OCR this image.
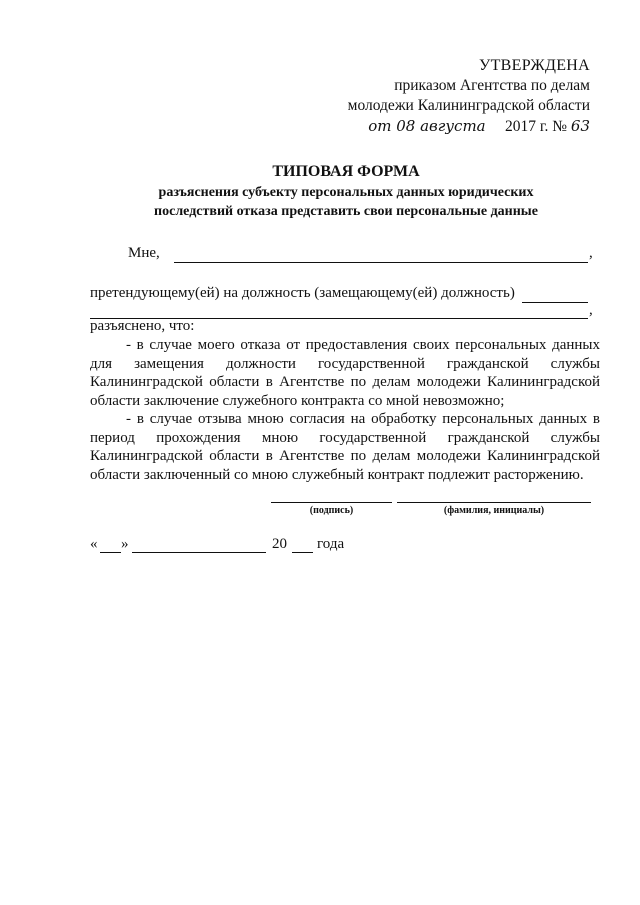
УТВЕРЖДЕНА
приказом Агентства по делам
молодежи Калининградской области
от 08 августа 2017 г. № 63
ТИПОВАЯ ФОРМА
разъяснения субъекту персональных данных юридических
последствий отказа представить свои персональные данные
Мне,	,
претендующему(ей) на должность (замещающему(ей) должность)
,
разъяснено, что:
- в случае моего отказа от предоставления своих персональных данных для замещения должности государственной гражданской службы Калининградской области в Агентстве по делам молодежи Калининградской области заключение служебного контракта со мной невозможно;
- в случае отзыва мною согласия на обработку персональных данных в период прохождения мною государственной гражданской службы Калининградской области в Агентстве по делам молодежи Калининградской области заключенный со мною служебный контракт подлежит расторжению.
(подпись)	(фамилия, инициалы)
« »	20 года
